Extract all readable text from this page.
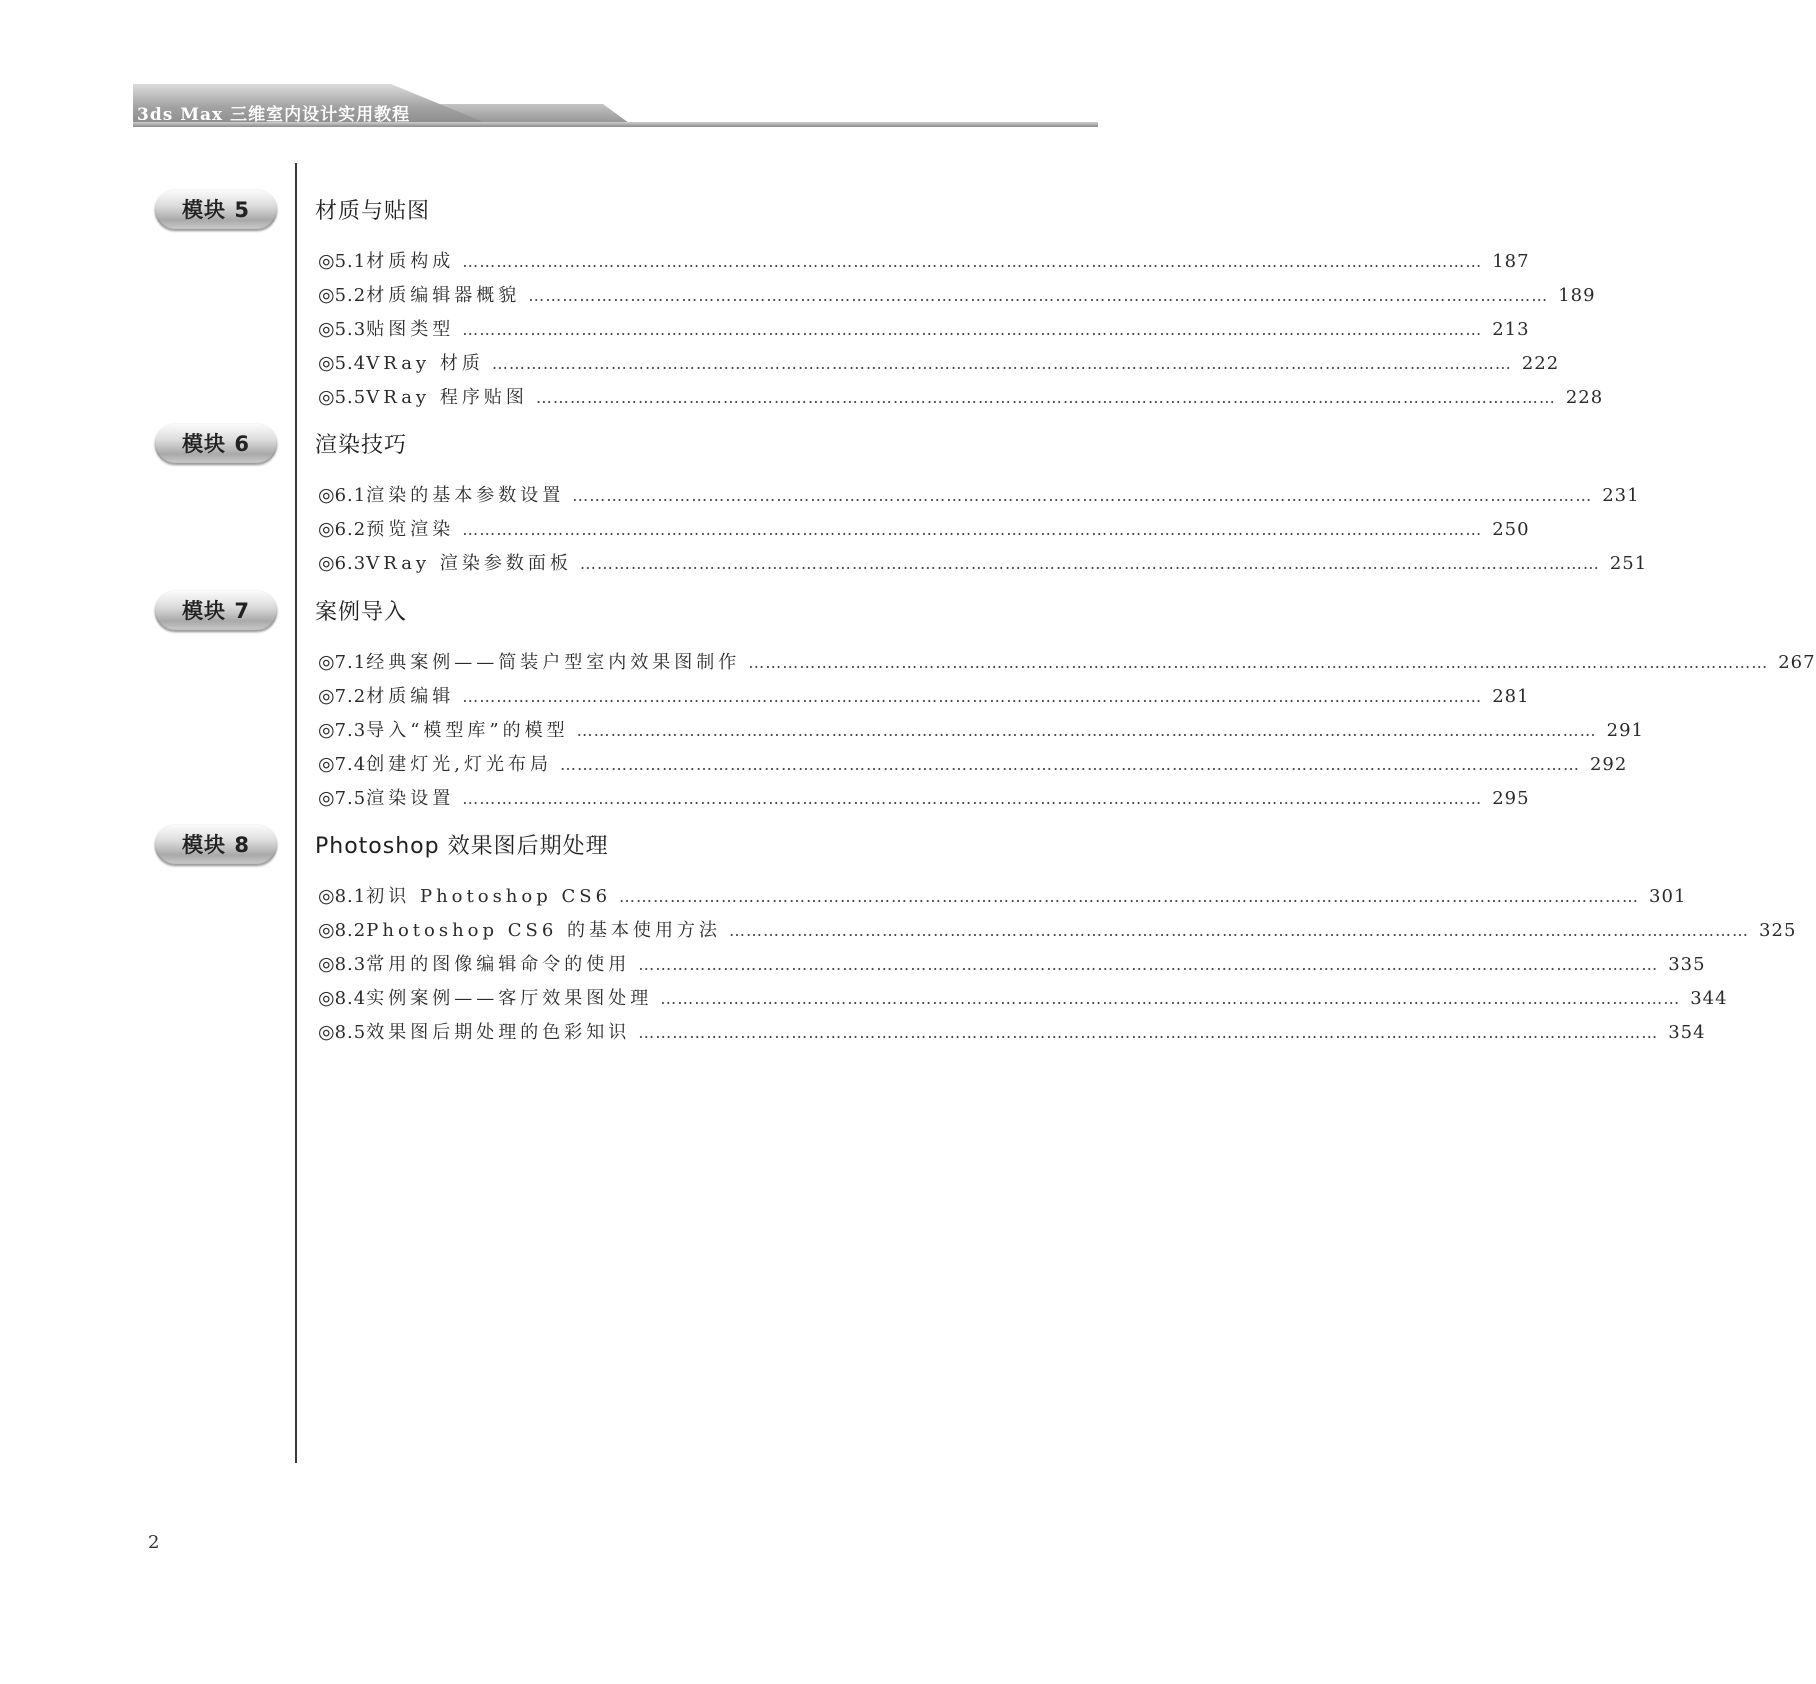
3ds Max 三维室内设计实用教程
模块 5	材质与贴图
◎ 5.1 材质构成 ……………………………………………………………………………………………………………………………………………………………… 187
◎ 5.2 材质编辑器概貌 ……………………………………………………………………………………………………………………………………………………………… 189
◎ 5.3 贴图类型 ……………………………………………………………………………………………………………………………………………………………… 213
◎ 5.4 VRay 材质 ……………………………………………………………………………………………………………………………………………………………… 222
◎ 5.5 VRay 程序贴图 ……………………………………………………………………………………………………………………………………………………………… 228
模块 6	渲染技巧
◎ 6.1 渲染的基本参数设置 ……………………………………………………………………………………………………………………………………………………………… 231
◎ 6.2 预览渲染 ……………………………………………………………………………………………………………………………………………………………… 250
◎ 6.3 VRay 渲染参数面板 ……………………………………………………………………………………………………………………………………………………………… 251
模块 7	案例导入
◎ 7.1 经典案例——简装户型室内效果图制作 ……………………………………………………………………………………………………………………………………………………………… 267
◎ 7.2 材质编辑 ……………………………………………………………………………………………………………………………………………………………… 281
◎ 7.3 导入“模型库”的模型 ……………………………………………………………………………………………………………………………………………………………… 291
◎ 7.4 创建灯光,灯光布局 ……………………………………………………………………………………………………………………………………………………………… 292
◎ 7.5 渲染设置 ……………………………………………………………………………………………………………………………………………………………… 295
模块 8	Photoshop 效果图后期处理
◎ 8.1 初识 Photoshop CS6 ……………………………………………………………………………………………………………………………………………………………… 301
◎ 8.2 Photoshop CS6 的基本使用方法 ……………………………………………………………………………………………………………………………………………………………… 325
◎ 8.3 常用的图像编辑命令的使用 ……………………………………………………………………………………………………………………………………………………………… 335
◎ 8.4 实例案例——客厅效果图处理 ……………………………………………………………………………………………………………………………………………………………… 344
◎ 8.5 效果图后期处理的色彩知识 ……………………………………………………………………………………………………………………………………………………………… 354
2
